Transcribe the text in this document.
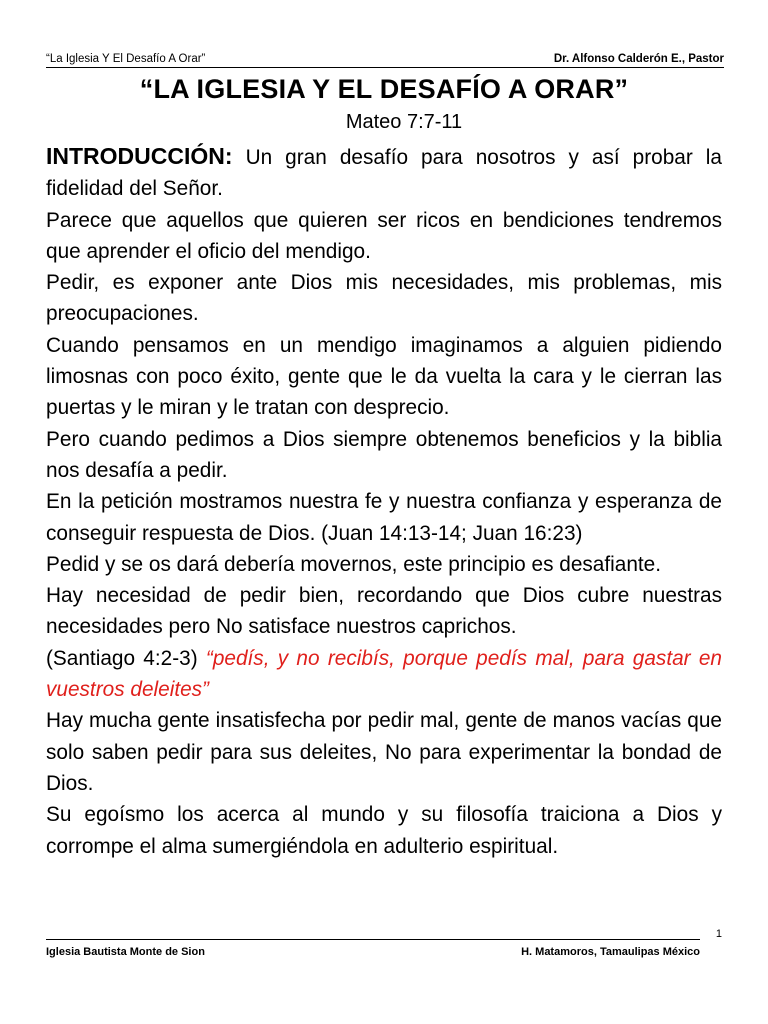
“La Iglesia Y El Desafío A Orar”	Dr. Alfonso Calderón E., Pastor
“LA IGLESIA Y EL DESAFÍO A ORAR”
Mateo 7:7-11

INTRODUCCIÓN: Un gran desafío para nosotros y así probar la fidelidad del Señor.

Parece que aquellos que quieren ser ricos en bendiciones tendremos que aprender el oficio del mendigo.

Pedir, es exponer ante Dios mis necesidades, mis problemas, mis preocupaciones.

Cuando pensamos en un mendigo imaginamos a alguien pidiendo limosnas con poco éxito, gente que le da vuelta la cara y le cierran las puertas y le miran y le tratan con desprecio.

Pero cuando pedimos a Dios siempre obtenemos beneficios y la biblia nos desafía a pedir.

En la petición mostramos nuestra fe y nuestra confianza y esperanza de conseguir respuesta de Dios. (Juan 14:13-14; Juan 16:23)

Pedid y se os dará debería movernos, este principio es desafiante.

Hay necesidad de pedir bien, recordando que Dios cubre nuestras necesidades pero No satisface nuestros caprichos.

(Santiago 4:2-3) “pedís, y no recibís, porque pedís mal, para gastar en vuestros deleites”

Hay mucha gente insatisfecha por pedir mal, gente de manos vacías que solo saben pedir para sus deleites, No para experimentar la bondad de Dios.

Su egoísmo los acerca al mundo y su filosofía traiciona a Dios y corrompe el alma sumergiéndola en adulterio espiritual.

1
Iglesia Bautista Monte de Sion	H. Matamoros, Tamaulipas México
